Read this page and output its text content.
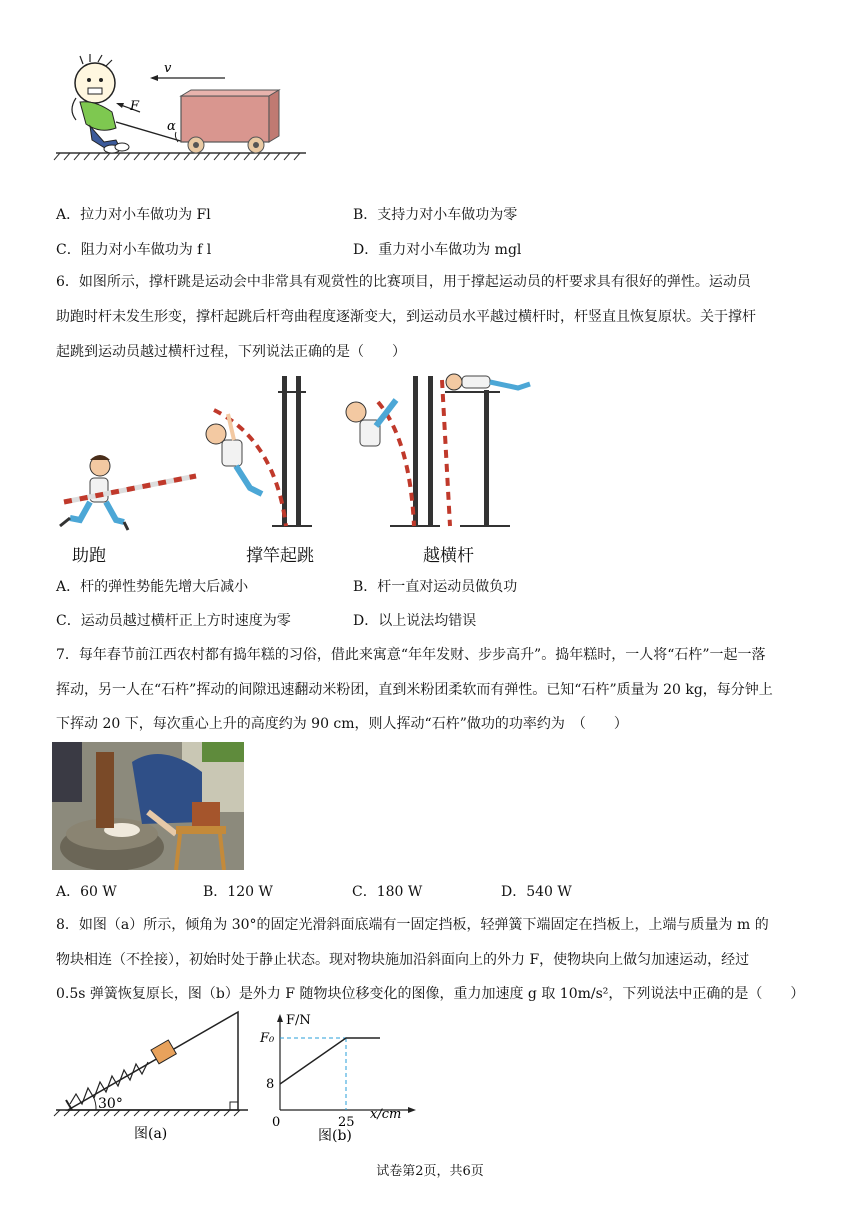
F
α
v
A．拉力对小车做功为 Fl	B．支持力对小车做功为零
C．阻力对小车做功为 f l	D．重力对小车做功为 mgl
6．如图所示，撑杆跳是运动会中非常具有观赏性的比赛项目，用于撑起运动员的杆要求具有很好的弹性。运动员
助跑时杆未发生形变，撑杆起跳后杆弯曲程度逐渐变大，到运动员水平越过横杆时，杆竖直且恢复原状。关于撑杆
起跳到运动员越过横杆过程，下列说法正确的是（　　）
助跑	撑竿起跳	越横杆
A．杆的弹性势能先增大后减小	B．杆一直对运动员做负功
C．运动员越过横杆正上方时速度为零	D．以上说法均错误
7．每年春节前江西农村都有捣年糕的习俗，借此来寓意“年年发财、步步高升”。捣年糕时，一人将“石杵”一起一落
挥动，另一人在“石杵”挥动的间隙迅速翻动米粉团，直到米粉团柔软而有弹性。已知“石杵”质量为 20 kg，每分钟上
下挥动 20 下，每次重心上升的高度约为 90 cm，则人挥动“石杵”做功的功率约为　（　　）
A．60 W	B．120 W	C．180 W	D．540 W
8．如图（a）所示，倾角为 30°的固定光滑斜面底端有一固定挡板，轻弹簧下端固定在挡板上，上端与质量为 m 的
物块相连（不拴接），初始时处于静止状态。现对物块施加沿斜面向上的外力 F，使物块向上做匀加速运动，经过
0.5s 弹簧恢复原长，图（b）是外力 F 随物块位移变化的图像，重力加速度 g 取 10m/s²，下列说法中正确的是（　　）
30°
图(a)
F/N
F₀
8
0	25
x/cm
图(b)
试卷第2页，共6页
